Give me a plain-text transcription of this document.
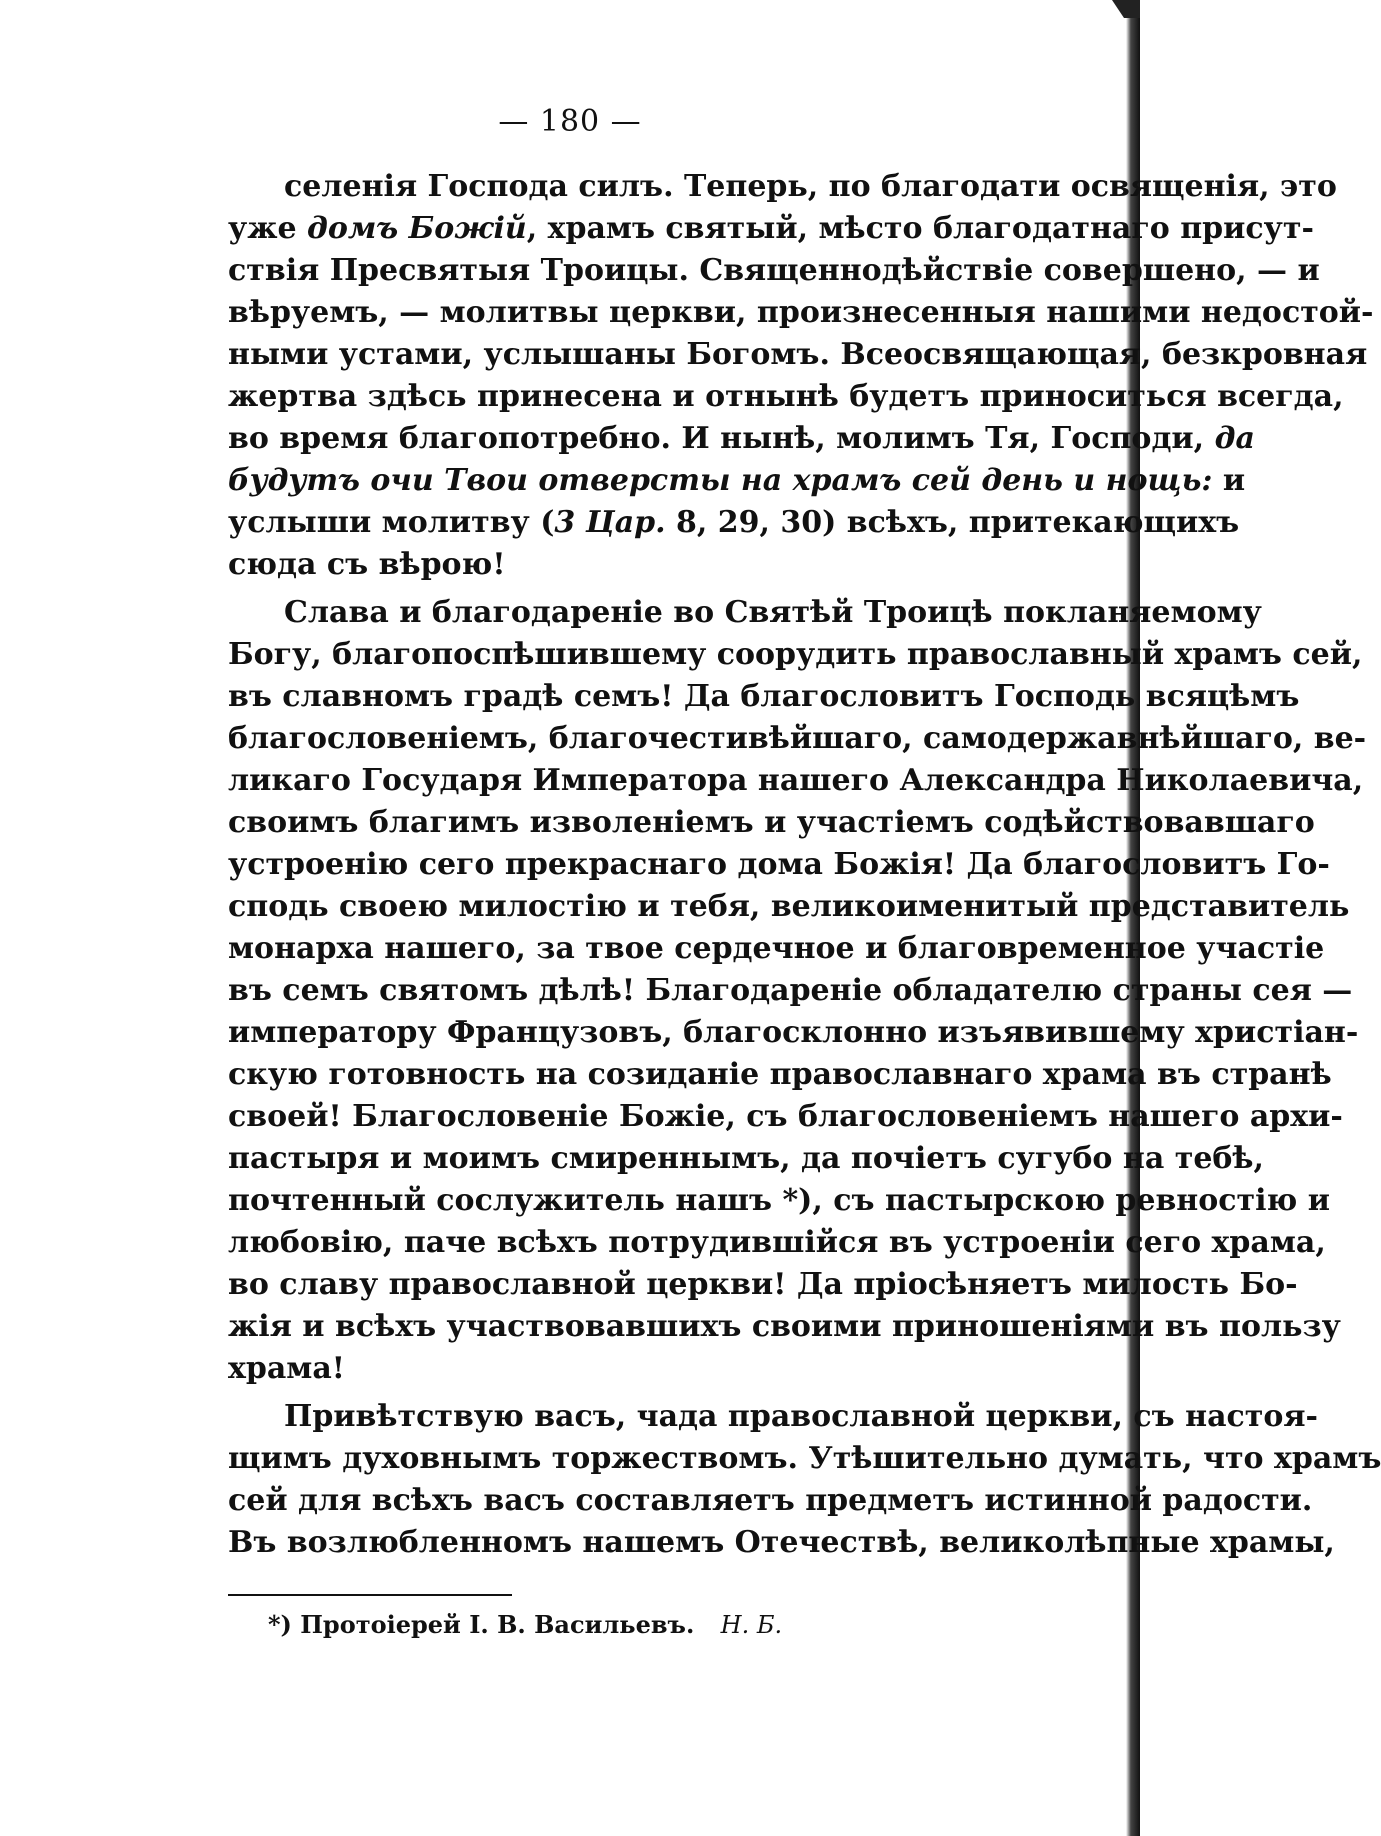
— 180 —
селенія Господа силъ. Теперь, по благодати освященія, это
уже домъ Божій, храмъ святый, мѣсто благодатнаго присут-
ствія Пресвятыя Троицы. Священнодѣйствіе совершено, — и
вѣруемъ, — молитвы церкви, произнесенныя нашими недостой-
ными устами, услышаны Богомъ. Всеосвящающая, безкровная
жертва здѣсь принесена и отнынѣ будетъ приноситься всегда,
во время благопотребно. И нынѣ, молимъ Тя, Господи, да
будутъ очи Твои отверсты на храмъ сей день и нощь: и
услыши молитву (3 Цар. 8, 29, 30) всѣхъ, притекающихъ
сюда съ вѣрою!
Слава и благодареніе во Святѣй Троицѣ покланяемому
Богу, благопоспѣшившему соорудить православный храмъ сей,
въ славномъ градѣ семъ! Да благословитъ Господь всяцѣмъ
благословеніемъ, благочестивѣйшаго, самодержавнѣйшаго, ве-
ликаго Государя Императора нашего Александра Николаевича,
своимъ благимъ изволеніемъ и участіемъ содѣйствовавшаго
устроенію сего прекраснаго дома Божія! Да благословитъ Го-
сподь своею милостію и тебя, великоименитый представитель
монарха нашего, за твое сердечное и благовременное участіе
въ семъ святомъ дѣлѣ! Благодареніе обладателю страны сея —
императору Французовъ, благосклонно изъявившему христіан-
скую готовность на созиданіе православнаго храма въ странѣ
своей! Благословеніе Божіе, съ благословеніемъ нашего архи-
пастыря и моимъ смиреннымъ, да почіетъ сугубо на тебѣ,
почтенный сослужитель нашъ *), съ пастырскою ревностію и
любовію, паче всѣхъ потрудившійся въ устроеніи сего храма,
во славу православной церкви! Да пріосѣняетъ милость Бо-
жія и всѣхъ участвовавшихъ своими приношеніями въ пользу
храма!
Привѣтствую васъ, чада православной церкви, съ настоя-
щимъ духовнымъ торжествомъ. Утѣшительно думать, что храмъ
сей для всѣхъ васъ составляетъ предметъ истинной радости.
Въ возлюбленномъ нашемъ Отечествѣ, великолѣпные храмы,
*) Протоіерей І. В. Васильевъ. Н. Б.
